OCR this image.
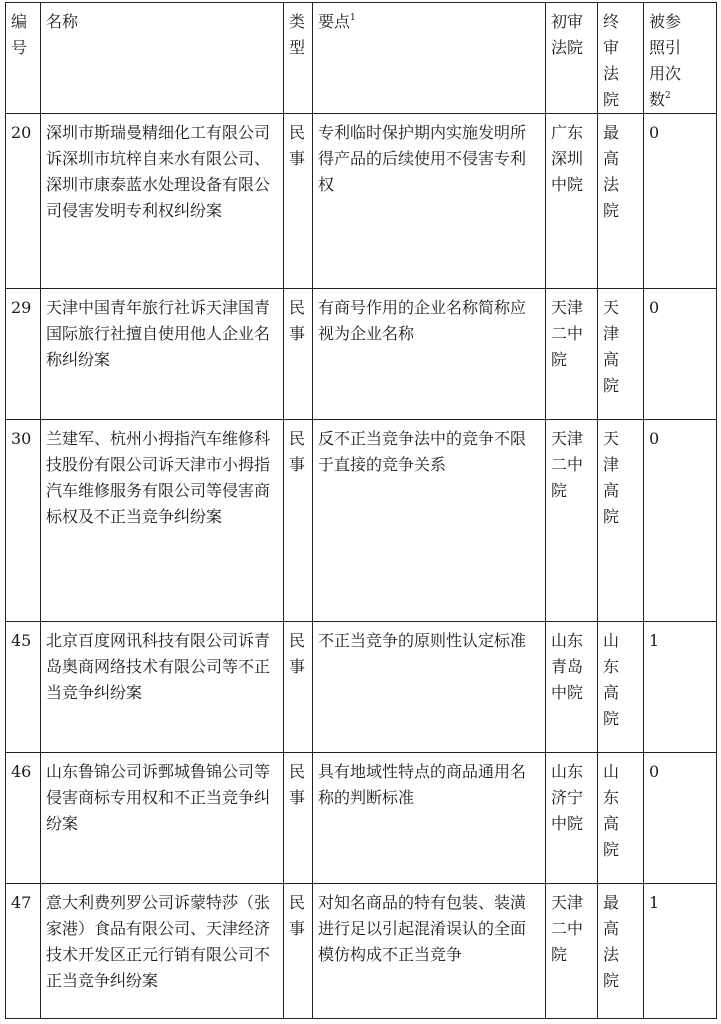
编号	名称	类型	要点$^1$	初审法院	终审法院	被参照引用次数$^2$

20	深圳市斯瑞曼精细化工有限公司诉深圳市坑梓自来水有限公司、深圳市康泰蓝水处理设备有限公司侵害发明专利权纠纷案	民事	专利临时保护期内实施发明所得产品的后续使用不侵害专利权	广东深圳中院	最高法院	0
29	天津中国青年旅行社诉天津国青国际旅行社擅自使用他人企业名称纠纷案	民事	有商号作用的企业名称简称应视为企业名称	天津二中院	天津高院	0
30	兰建军、杭州小拇指汽车维修科技股份有限公司诉天津市小拇指汽车维修服务有限公司等侵害商标权及不正当竞争纠纷案	民事	反不正当竞争法中的竞争不限于直接的竞争关系	天津二中院	天津高院	0
45	北京百度网讯科技有限公司诉青岛奥商网络技术有限公司等不正当竞争纠纷案	民事	不正当竞争的原则性认定标准	山东青岛中院	山东高院	1
46	山东鲁锦公司诉鄄城鲁锦公司等侵害商标专用权和不正当竞争纠纷案	民事	具有地域性特点的商品通用名称的判断标准	山东济宁中院	山东高院	0
47	意大利费列罗公司诉蒙特莎（张家港）食品有限公司、天津经济技术开发区正元行销有限公司不正当竞争纠纷案	民事	对知名商品的特有包装、装潢进行足以引起混淆误认的全面模仿构成不正当竞争	天津二中院	最高法院	1
